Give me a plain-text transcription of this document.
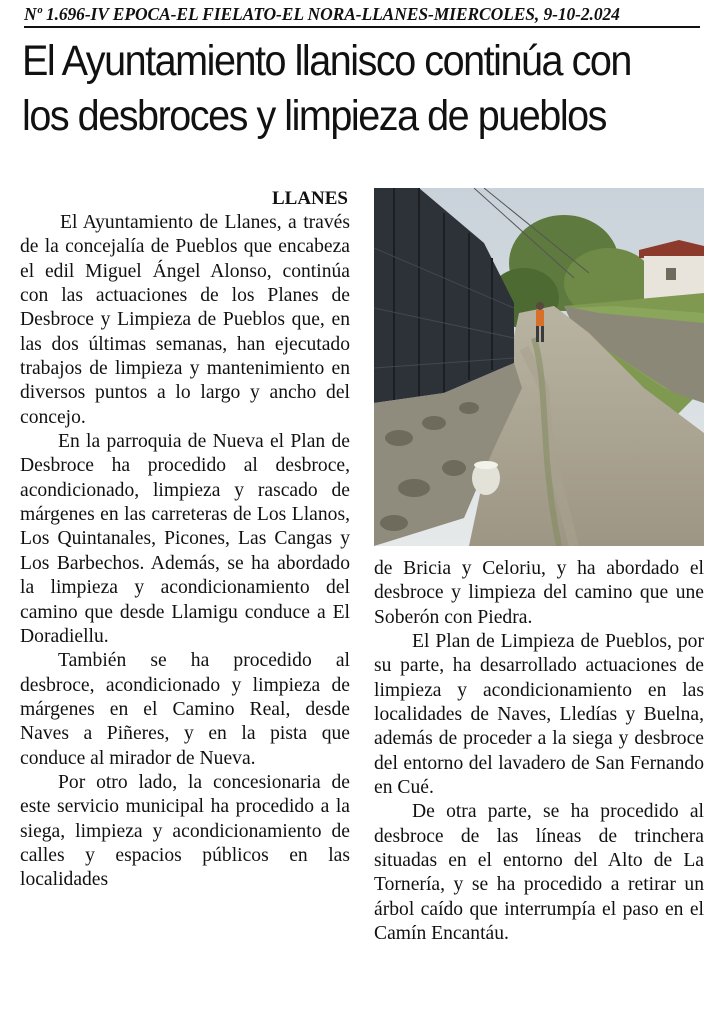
Nº 1.696-IV EPOCA-EL FIELATO-EL NORA-LLANES-MIERCOLES, 9-10-2.024
El Ayuntamiento llanisco continúa con
los desbroces y limpieza de pueblos
LLANES

El Ayuntamiento de Llanes, a través de la concejalía de Pueblos que encabeza el edil Miguel Ángel Alonso, continúa con las actuaciones de los Planes de Desbroce y Limpieza de Pueblos que, en las dos últimas semanas, han ejecutado trabajos de limpieza y mantenimiento en diversos puntos a lo largo y ancho del concejo.

En la parroquia de Nueva el Plan de Desbroce ha procedido al desbroce, acondicionado, limpieza y rascado de márgenes en las carreteras de Los Llanos, Los Quintanales, Picones, Las Cangas y Los Barbechos. Además, se ha abordado la limpieza y acondicionamiento del camino que desde Llamigu conduce a El Doradiellu.

También se ha procedido al desbroce, acondicionado y limpieza de márgenes en el Camino Real, desde Naves a Piñeres, y en la pista que conduce al mirador de Nueva.

Por otro lado, la concesionaria de este servicio municipal ha procedido a la siega, limpieza y acondicionamiento de calles y espacios públicos en las localidades

de Bricia y Celoriu, y ha abordado el desbroce y limpieza del camino que une Soberón con Piedra.

El Plan de Limpieza de Pueblos, por su parte, ha desarrollado actuaciones de limpieza y acondicionamiento en las localidades de Naves, Lledías y Buelna, además de proceder a la siega y desbroce del entorno del lavadero de San Fernando en Cué.

De otra parte, se ha procedido al desbroce de las líneas de trinchera situadas en el entorno del Alto de La Tornería, y se ha procedido a retirar un árbol caído que interrumpía el paso en el Camín Encantáu.
